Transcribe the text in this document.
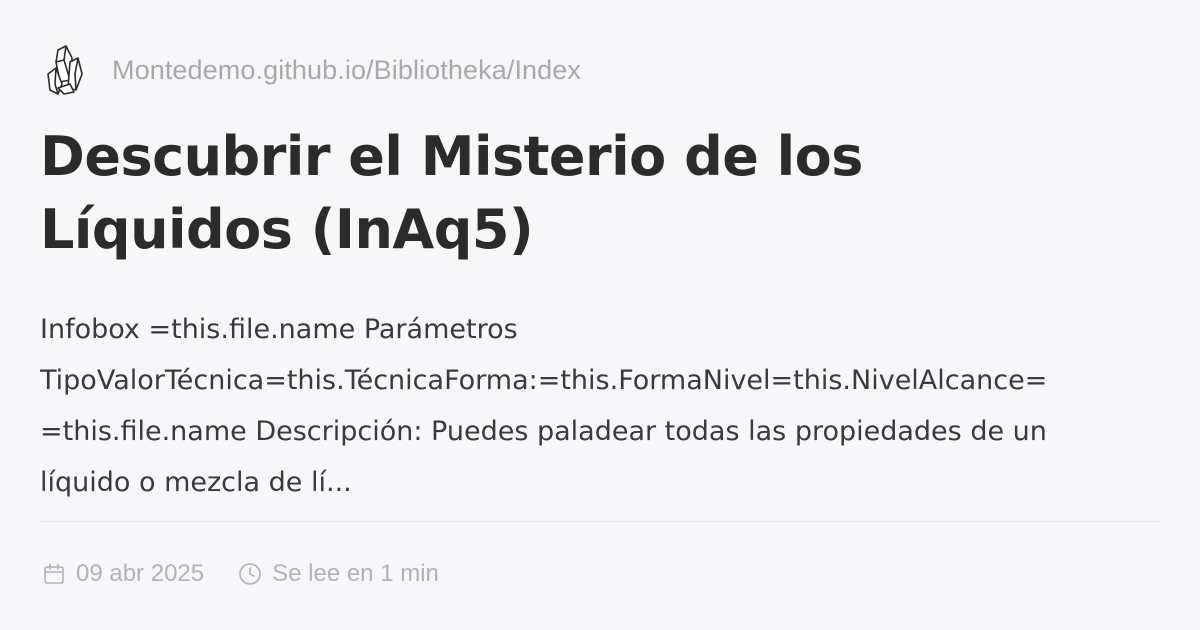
Montedemo.github.io/Bibliotheka/Index
Descubrir el Misterio de los
Líquidos (InAq5)

Infobox =this.file.name Parámetros
TipoValorTécnica=this.TécnicaForma:=this.FormaNivel=this.NivelAlcance=
=this.file.name Descripción: Puedes paladear todas las propiedades de un
líquido o mezcla de lí...

09 abr 2025	Se lee en 1 min
